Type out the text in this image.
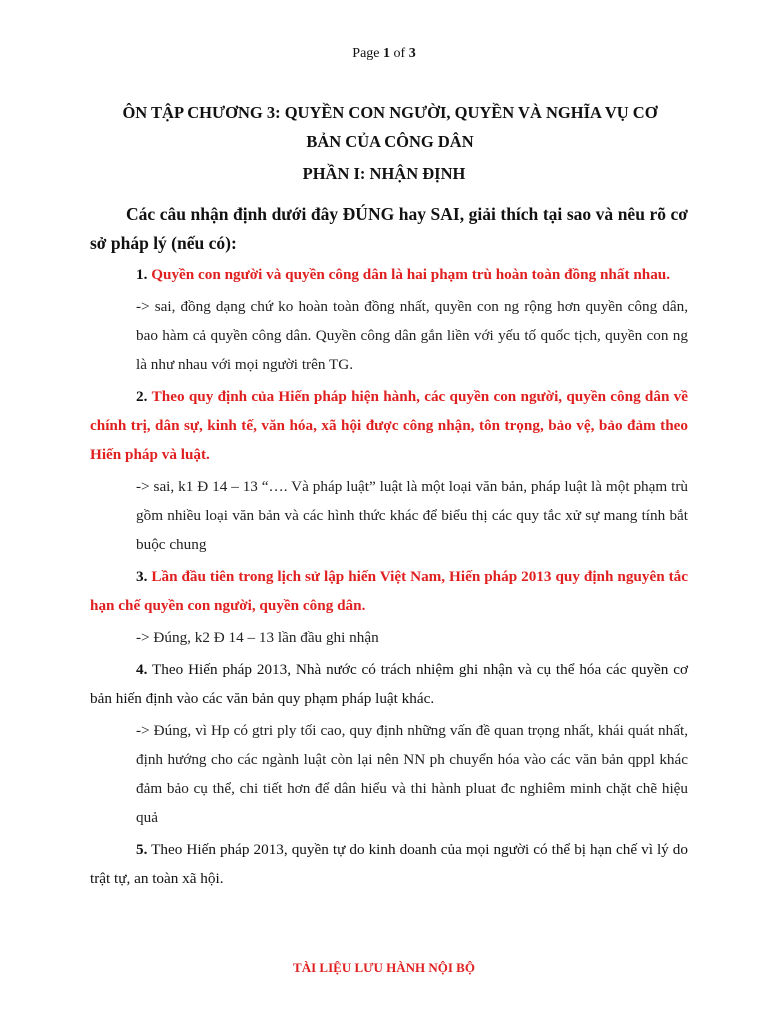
Page 1 of 3
ÔN TẬP CHƯƠNG 3: QUYỀN CON NGƯỜI, QUYỀN VÀ NGHĨA VỤ CƠ BẢN CỦA CÔNG DÂN
PHẦN I: NHẬN ĐỊNH
Các câu nhận định dưới đây ĐÚNG hay SAI, giải thích tại sao và nêu rõ cơ sở pháp lý (nếu có):

1. Quyền con người và quyền công dân là hai phạm trù hoàn toàn đồng nhất nhau.

-> sai, đồng dạng chứ ko hoàn toàn đồng nhất, quyền con ng rộng hơn quyền công dân, bao hàm cả quyền công dân. Quyền công dân gắn liền với yếu tố quốc tịch, quyền con ng là như nhau với mọi người trên TG.

2. Theo quy định của Hiến pháp hiện hành, các quyền con người, quyền công dân về chính trị, dân sự, kinh tế, văn hóa, xã hội được công nhận, tôn trọng, bảo vệ, bảo đảm theo Hiến pháp và luật.

-> sai, k1 Đ 14 – 13 “…. Và pháp luật” luật là một loại văn bản, pháp luật là một phạm trù gồm nhiều loại văn bản và các hình thức khác để biểu thị các quy tắc xử sự mang tính bắt buộc chung

3. Lần đầu tiên trong lịch sử lập hiến Việt Nam, Hiến pháp 2013 quy định nguyên tắc hạn chế quyền con người, quyền công dân.

-> Đúng, k2 Đ 14 – 13 lần đầu ghi nhận

4. Theo Hiến pháp 2013, Nhà nước có trách nhiệm ghi nhận và cụ thể hóa các quyền cơ bản hiến định vào các văn bản quy phạm pháp luật khác.

-> Đúng, vì Hp có gtri ply tối cao, quy định những vấn đề quan trọng nhất, khái quát nhất, định hướng cho các ngành luật còn lại nên NN ph chuyển hóa vào các văn bản qppl khác đảm bảo cụ thể, chi tiết hơn để dân hiểu và thi hành pluat đc nghiêm minh chặt chẽ hiệu quả

5. Theo Hiến pháp 2013, quyền tự do kinh doanh của mọi người có thể bị hạn chế vì lý do trật tự, an toàn xã hội.

TÀI LIỆU LƯU HÀNH NỘI BỘ
